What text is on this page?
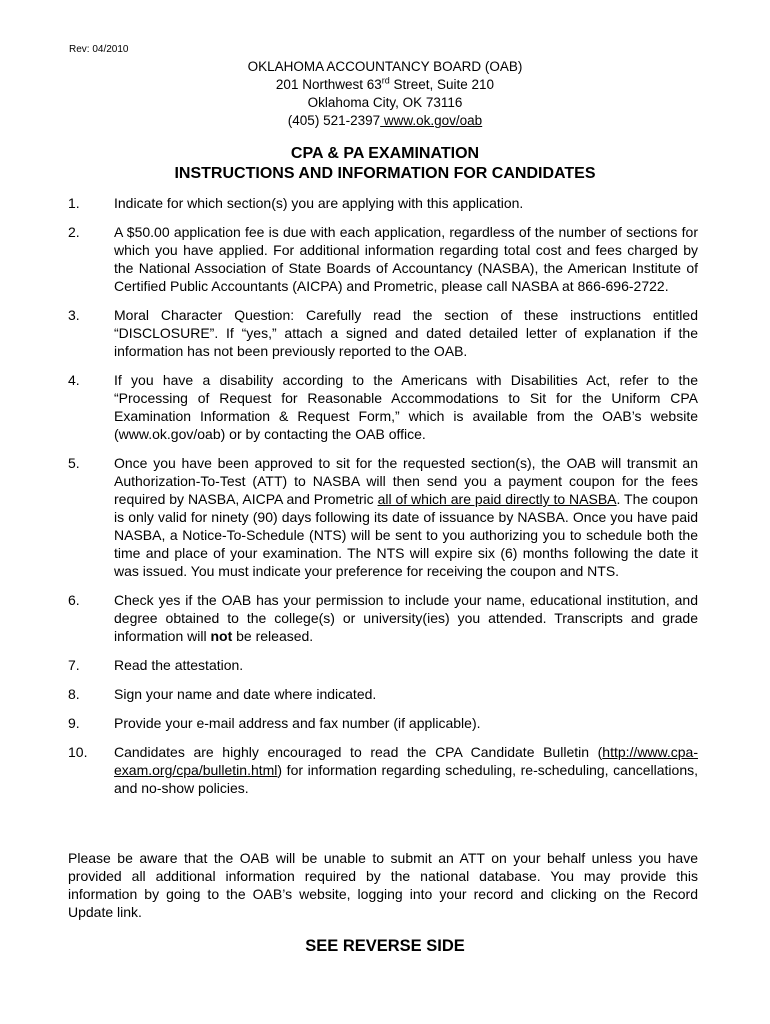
Rev: 04/2010
OKLAHOMA ACCOUNTANCY BOARD (OAB)
201 Northwest 63rd Street, Suite 210
Oklahoma City, OK 73116
(405) 521-2397 www.ok.gov/oab
CPA & PA EXAMINATION
INSTRUCTIONS AND INFORMATION FOR CANDIDATES
1. Indicate for which section(s) you are applying with this application.
2. A $50.00 application fee is due with each application, regardless of the number of sections for which you have applied. For additional information regarding total cost and fees charged by the National Association of State Boards of Accountancy (NASBA), the American Institute of Certified Public Accountants (AICPA) and Prometric, please call NASBA at 866-696-2722.
3. Moral Character Question: Carefully read the section of these instructions entitled “DISCLOSURE”. If “yes,” attach a signed and dated detailed letter of explanation if the information has not been previously reported to the OAB.
4. If you have a disability according to the Americans with Disabilities Act, refer to the “Processing of Request for Reasonable Accommodations to Sit for the Uniform CPA Examination Information & Request Form,” which is available from the OAB’s website (www.ok.gov/oab) or by contacting the OAB office.
5. Once you have been approved to sit for the requested section(s), the OAB will transmit an Authorization-To-Test (ATT) to NASBA will then send you a payment coupon for the fees required by NASBA, AICPA and Prometric all of which are paid directly to NASBA. The coupon is only valid for ninety (90) days following its date of issuance by NASBA. Once you have paid NASBA, a Notice-To-Schedule (NTS) will be sent to you authorizing you to schedule both the time and place of your examination. The NTS will expire six (6) months following the date it was issued. You must indicate your preference for receiving the coupon and NTS.
6. Check yes if the OAB has your permission to include your name, educational institution, and degree obtained to the college(s) or university(ies) you attended. Transcripts and grade information will not be released.
7. Read the attestation.
8. Sign your name and date where indicated.
9. Provide your e-mail address and fax number (if applicable).
10. Candidates are highly encouraged to read the CPA Candidate Bulletin (http://www.cpa-exam.org/cpa/bulletin.html) for information regarding scheduling, re-scheduling, cancellations, and no-show policies.
Please be aware that the OAB will be unable to submit an ATT on your behalf unless you have provided all additional information required by the national database. You may provide this information by going to the OAB’s website, logging into your record and clicking on the Record Update link.
SEE REVERSE SIDE
